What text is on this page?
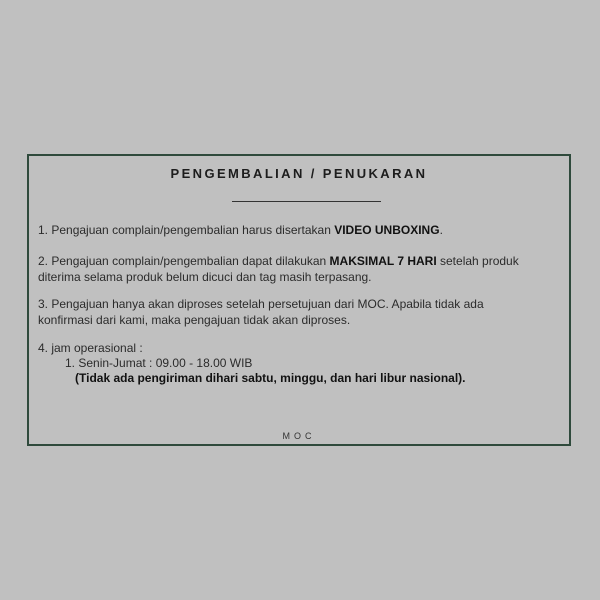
PENGEMBALIAN / PENUKARAN
1. Pengajuan complain/pengembalian harus disertakan VIDEO UNBOXING.
2. Pengajuan complain/pengembalian dapat dilakukan MAKSIMAL 7 HARI setelah produk
diterima selama produk belum dicuci dan tag masih terpasang.
3. Pengajuan hanya akan diproses setelah persetujuan dari MOC. Apabila tidak ada
konfirmasi dari kami, maka pengajuan tidak akan diproses.
4. jam operasional :
1. Senin-Jumat : 09.00 - 18.00 WIB
(Tidak ada pengiriman dihari sabtu, minggu, dan hari libur nasional).
MOC
